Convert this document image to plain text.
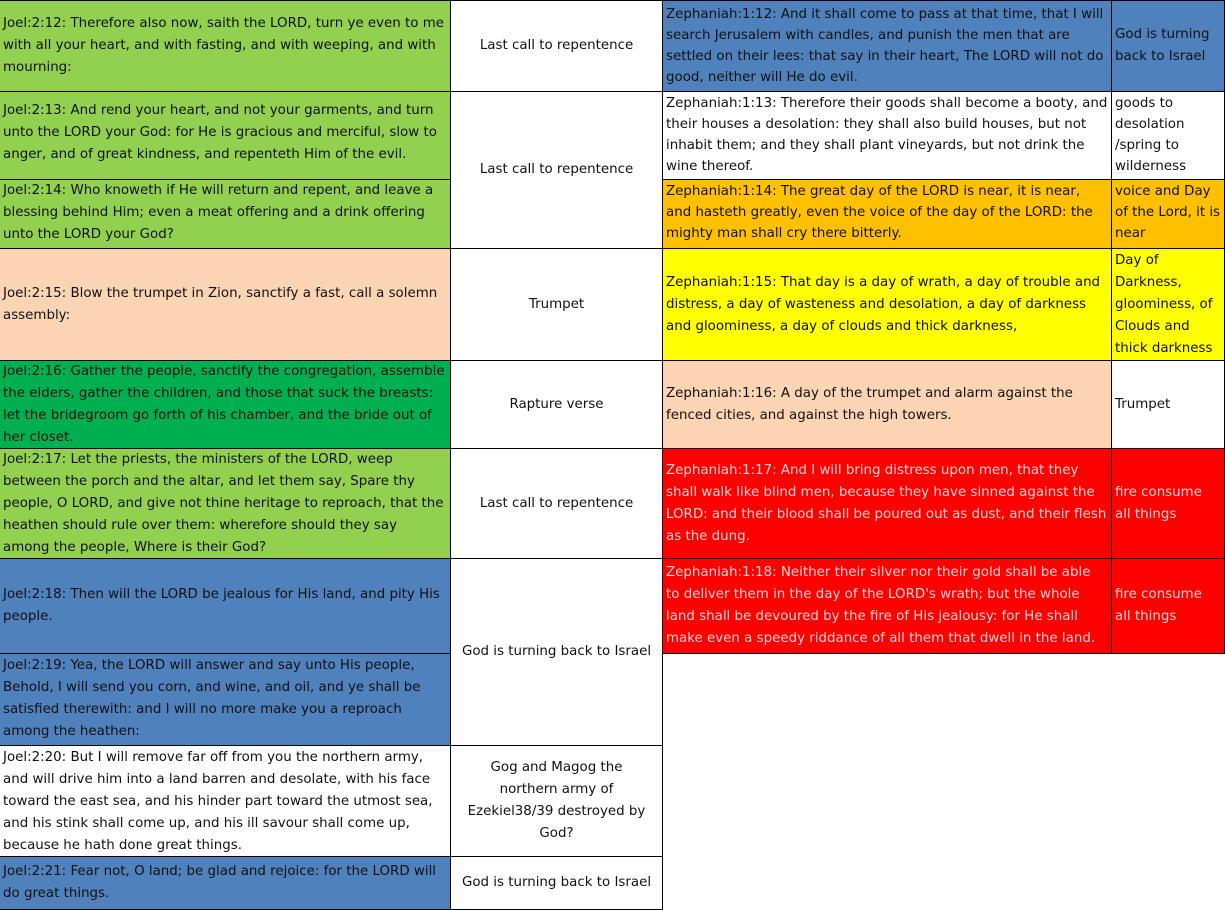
Joel:2:12: Therefore also now, saith the LORD, turn ye even to me with all your heart, and with fasting, and with weeping, and with mourning:
Joel:2:13: And rend your heart, and not your garments, and turn unto the LORD your God: for He is gracious and merciful, slow to anger, and of great kindness, and repenteth Him of the evil.
Joel:2:14: Who knoweth if He will return and repent, and leave a blessing behind Him; even a meat offering and a drink offering unto the LORD your God?
Joel:2:15: Blow the trumpet in Zion, sanctify a fast, call a solemn assembly:
Joel:2:16: Gather the people, sanctify the congregation, assemble the elders, gather the children, and those that suck the breasts: let the bridegroom go forth of his chamber, and the bride out of her closet.
Joel:2:17: Let the priests, the ministers of the LORD, weep between the porch and the altar, and let them say, Spare thy people, O LORD, and give not thine heritage to reproach, that the heathen should rule over them: wherefore should they say among the people, Where is their God?
Joel:2:18: Then will the LORD be jealous for His land, and pity His people.
Joel:2:19: Yea, the LORD will answer and say unto His people, Behold, I will send you corn, and wine, and oil, and ye shall be satisfied therewith: and I will no more make you a reproach among the heathen:
Joel:2:20: But I will remove far off from you the northern army, and will drive him into a land barren and desolate, with his face toward the east sea, and his hinder part toward the utmost sea, and his stink shall come up, and his ill savour shall come up, because he hath done great things.
Joel:2:21: Fear not, O land; be glad and rejoice: for the LORD will do great things.
Last call to repentence
Last call to repentence
Trumpet
Rapture verse
Last call to repentence
God is turning back to Israel
Gog and Magog the northern army of Ezekiel38/39 destroyed by God?
God is turning back to Israel
Zephaniah:1:12: And it shall come to pass at that time, that I will search Jerusalem with candles, and punish the men that are settled on their lees: that say in their heart, The LORD will not do good, neither will He do evil.
Zephaniah:1:13: Therefore their goods shall become a booty, and their houses a desolation: they shall also build houses, but not inhabit them; and they shall plant vineyards, but not drink the wine thereof.
Zephaniah:1:14: The great day of the LORD is near, it is near, and hasteth greatly, even the voice of the day of the LORD: the mighty man shall cry there bitterly.
Zephaniah:1:15: That day is a day of wrath, a day of trouble and distress, a day of wasteness and desolation, a day of darkness and gloominess, a day of clouds and thick darkness,
Zephaniah:1:16: A day of the trumpet and alarm against the fenced cities, and against the high towers.
Zephaniah:1:17: And I will bring distress upon men, that they shall walk like blind men, because they have sinned against the LORD: and their blood shall be poured out as dust, and their flesh as the dung.
Zephaniah:1:18: Neither their silver nor their gold shall be able to deliver them in the day of the LORD's wrath; but the whole land shall be devoured by the fire of His jealousy: for He shall make even a speedy riddance of all them that dwell in the land.
God is turning back to Israel
goods to desolation /spring to wilderness
voice and Day of the Lord, it is near
Day of Darkness, gloominess, of Clouds and thick darkness
Trumpet
fire consume all things
fire consume all things
